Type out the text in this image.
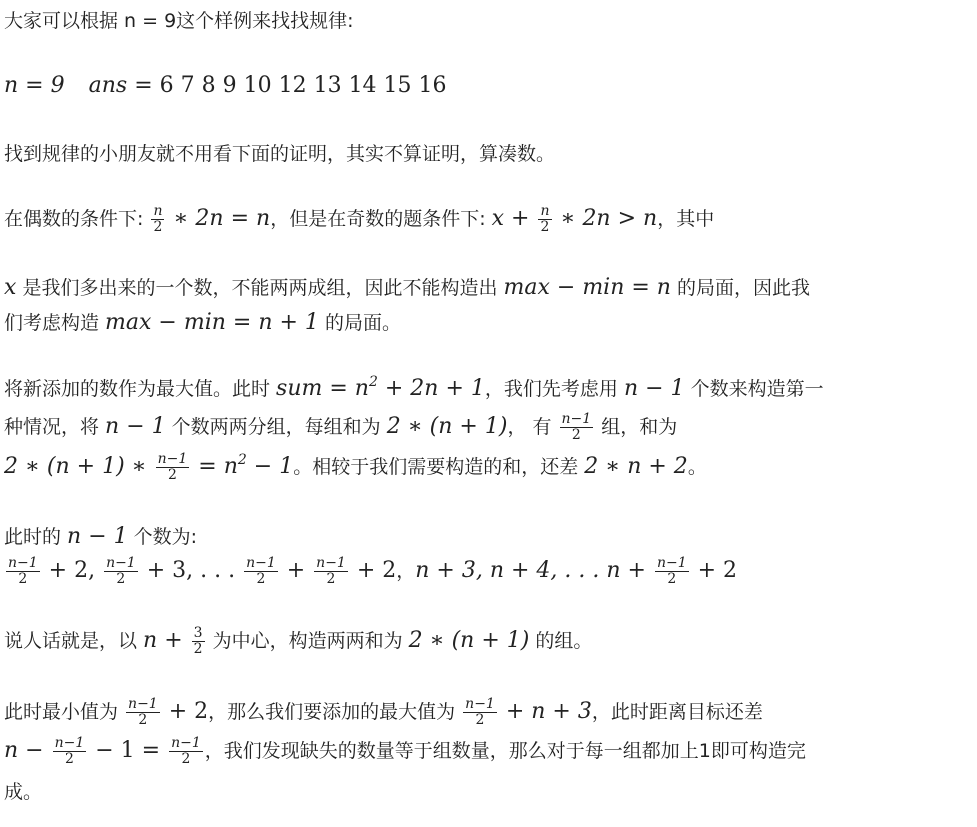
大家可以根据 n = 9这个样例来找找规律:
n = 9 ans = 6 7 8 9 10 12 13 14 15 16
找到规律的小朋友就不用看下面的证明，其实不算证明，算凑数。
在偶数的条件下: $\frac{n}{2}$ ∗ 2n = n，但是在奇数的题条件下: $x + \frac{n}{2}$ ∗ 2n > n，其中
x 是我们多出来的一个数，不能两两成组，因此不能构造出 max − min = n 的局面，因此我
们考虑构造 max − min = n + 1 的局面。
将新添加的数作为最大值。此时 sum = $n^2 + 2n + 1$，我们先考虑用 n − 1 个数来构造第一
种情况，将 n − 1 个数两两分组，每组和为 2 ∗ (n + 1)， 有 $\frac{n-1}{2}$ 组，和为
2 ∗ (n + 1) ∗ $\frac{n-1}{2} = n^2 - 1$。相较于我们需要构造的和，还差 2 ∗ n + 2。
此时的 n − 1 个数为:
$\frac{n-1}{2} + 2$, $\frac{n-1}{2} + 3$, . . . $\frac{n-1}{2} + \frac{n-1}{2} + 2$，n + 3, n + 4, . . . $n + \frac{n-1}{2} + 2$
说人话就是，以 $n + \frac{3}{2}$ 为中心，构造两两和为 2 ∗ (n + 1) 的组。
此时最小值为 $\frac{n-1}{2} + 2$，那么我们要添加的最大值为 $\frac{n-1}{2} + n + 3$，此时距离目标还差
$n - \frac{n-1}{2} - 1 = \frac{n-1}{2}$ ，我们发现缺失的数量等于组数量，那么对于每一组都加上1即可构造完
成。
